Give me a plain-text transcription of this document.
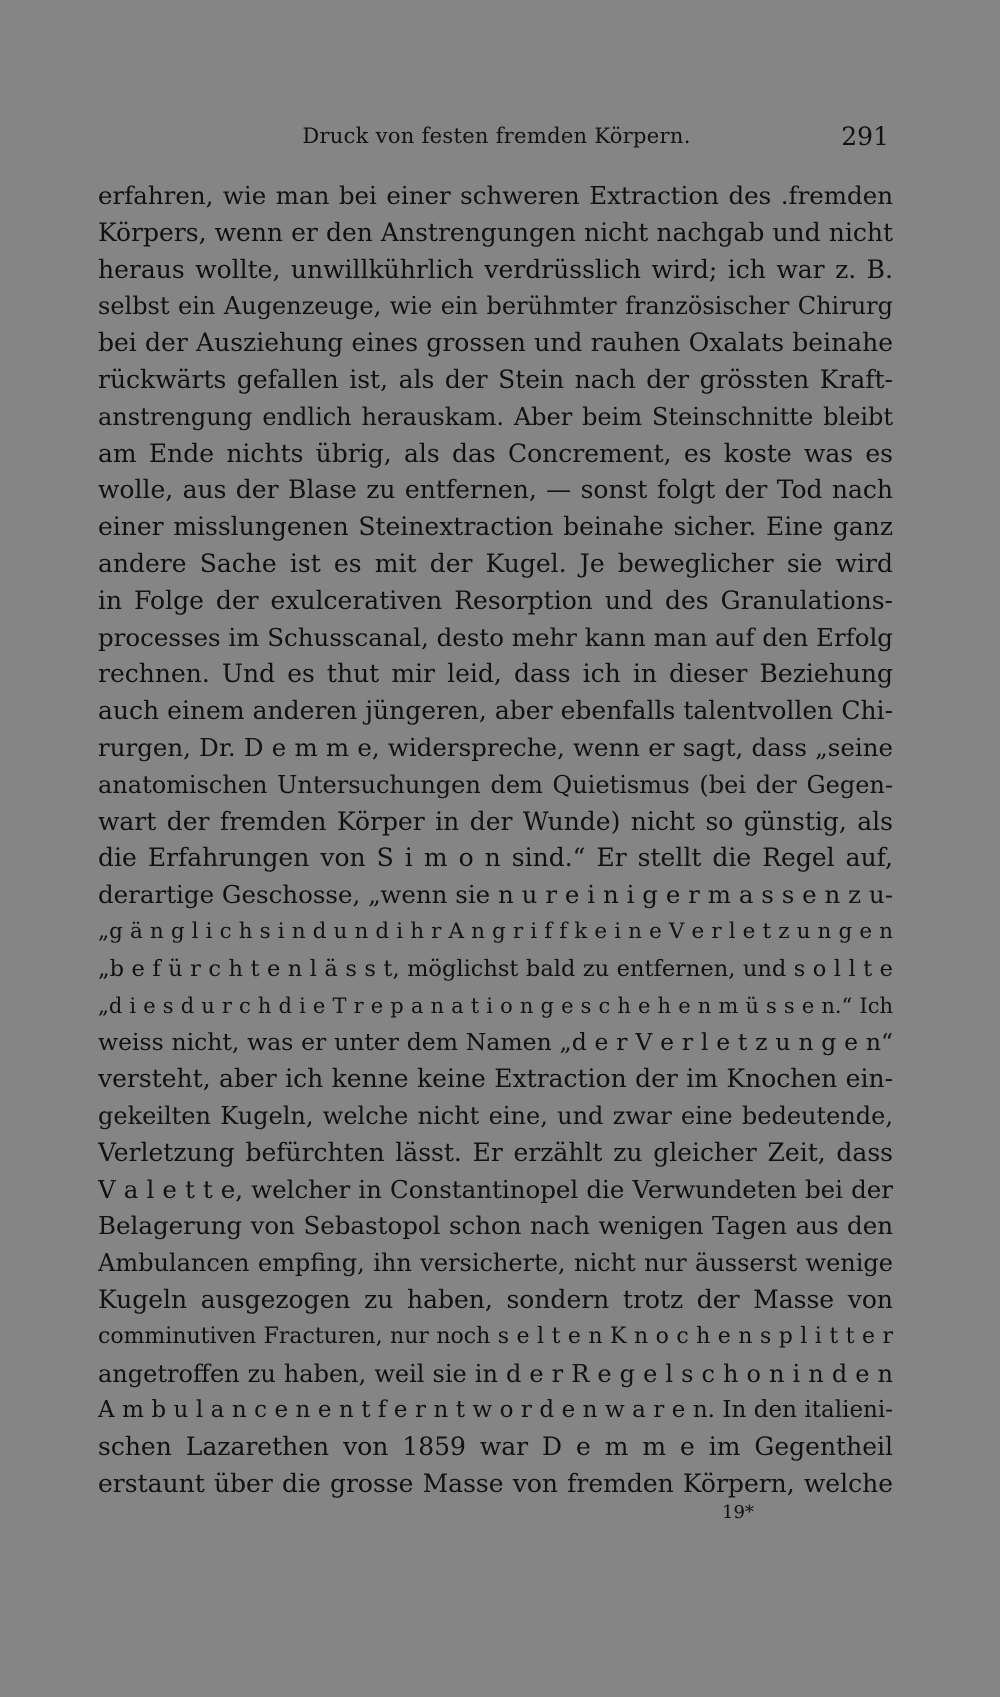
Druck von festen fremden Körpern.	291
erfahren, wie man bei einer schweren Extraction des .fremden
Körpers, wenn er den Anstrengungen nicht nachgab und nicht
heraus wollte, unwillkührlich verdrüsslich wird; ich war z. B.
selbst ein Augenzeuge, wie ein berühmter französischer Chirurg
bei der Ausziehung eines grossen und rauhen Oxalats beinahe
rückwärts gefallen ist, als der Stein nach der grössten Kraft-
anstrengung endlich herauskam. Aber beim Steinschnitte bleibt
am Ende nichts übrig, als das Concrement, es koste was es
wolle, aus der Blase zu entfernen, — sonst folgt der Tod nach
einer misslungenen Steinextraction beinahe sicher. Eine ganz
andere Sache ist es mit der Kugel. Je beweglicher sie wird
in Folge der exulcerativen Resorption und des Granulations-
processes im Schusscanal, desto mehr kann man auf den Erfolg
rechnen. Und es thut mir leid, dass ich in dieser Beziehung
auch einem anderen jüngeren, aber ebenfalls talentvollen Chi-
rurgen, Dr. D e m m e, widerspreche, wenn er sagt, dass „seine
anatomischen Untersuchungen dem Quietismus (bei der Gegen-
wart der fremden Körper in der Wunde) nicht so günstig, als
die Erfahrungen von S i m o n sind.“ Er stellt die Regel auf,
derartige Geschosse, „wenn sie n u r e i n i g e r m a s s e n z u-
„g ä n g l i c h s i n d u n d i h r A n g r i f f k e i n e V e r l e t z u n g e n
„b e f ü r c h t e n l ä s s t, möglichst bald zu entfernen, und s o l l t e
„d i e s d u r c h d i e T r e p a n a t i o n g e s c h e h e n m ü s s e n.“ Ich
weiss nicht, was er unter dem Namen „d e r V e r l e t z u n g e n“
versteht, aber ich kenne keine Extraction der im Knochen ein-
gekeilten Kugeln, welche nicht eine, und zwar eine bedeutende,
Verletzung befürchten lässt. Er erzählt zu gleicher Zeit, dass
V a l e t t e, welcher in Constantinopel die Verwundeten bei der
Belagerung von Sebastopol schon nach wenigen Tagen aus den
Ambulancen empfing, ihn versicherte, nicht nur äusserst wenige
Kugeln ausgezogen zu haben, sondern trotz der Masse von
comminutiven Fracturen, nur noch s e l t e n K n o c h e n s p l i t t e r
angetroffen zu haben, weil sie in d e r R e g e l s c h o n i n d e n
A m b u l a n c e n e n t f e r n t w o r d e n w a r e n. In den italieni-
schen Lazarethen von 1859 war D e m m e im Gegentheil
erstaunt über die grosse Masse von fremden Körpern, welche
19*
